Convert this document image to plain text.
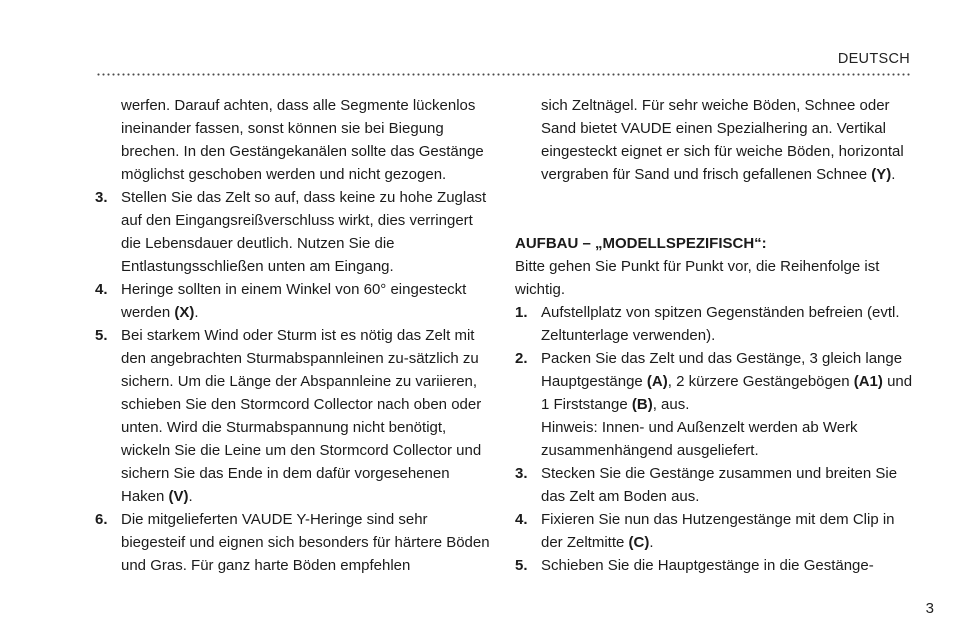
DEUTSCH

werfen. Darauf achten, dass alle Segmente lückenlos ineinander fassen, sonst können sie bei Biegung brechen. In den Gestängekanälen sollte das Gestänge möglichst geschoben werden und nicht gezogen.

3. Stellen Sie das Zelt so auf, dass keine zu hohe Zuglast auf den Eingangsreißverschluss wirkt, dies verringert die Lebensdauer deutlich. Nutzen Sie die Entlastungsschließen unten am Eingang.
4. Heringe sollten in einem Winkel von 60° eingesteckt werden (X).
5. Bei starkem Wind oder Sturm ist es nötig das Zelt mit den angebrachten Sturmabspannleinen zu-sätzlich zu sichern. Um die Länge der Abspannleine zu variieren, schieben Sie den Stormcord Collector nach oben oder unten. Wird die Sturmabspannung nicht benötigt, wickeln Sie die Leine um den Stormcord Collector und sichern Sie das Ende in dem dafür vorgesehenen Haken (V).
6. Die mitgelieferten VAUDE Y-Heringe sind sehr biegesteif und eignen sich besonders für härtere Böden und Gras. Für ganz harte Böden empfehlen

sich Zeltnägel. Für sehr weiche Böden, Schnee oder Sand bietet VAUDE einen Spezialhering an. Vertikal eingesteckt eignet er sich für weiche Böden, horizontal vergraben für Sand und frisch gefallenen Schnee (Y).

AUFBAU – „MODELLSPEZIFISCH“:

Bitte gehen Sie Punkt für Punkt vor, die Reihenfolge ist wichtig.

1. Aufstellplatz von spitzen Gegenständen befreien (evtl. Zeltunterlage verwenden).
2. Packen Sie das Zelt und das Gestänge, 3 gleich lange Hauptgestänge (A), 2 kürzere Gestängebögen (A1) und 1 Firststange (B), aus.
Hinweis: Innen- und Außenzelt werden ab Werk zusammenhängend ausgeliefert.
3. Stecken Sie die Gestänge zusammen und breiten Sie das Zelt am Boden aus.
4. Fixieren Sie nun das Hutzengestänge mit dem Clip in der Zeltmitte (C).
5. Schieben Sie die Hauptgestänge in die Gestänge-
3
